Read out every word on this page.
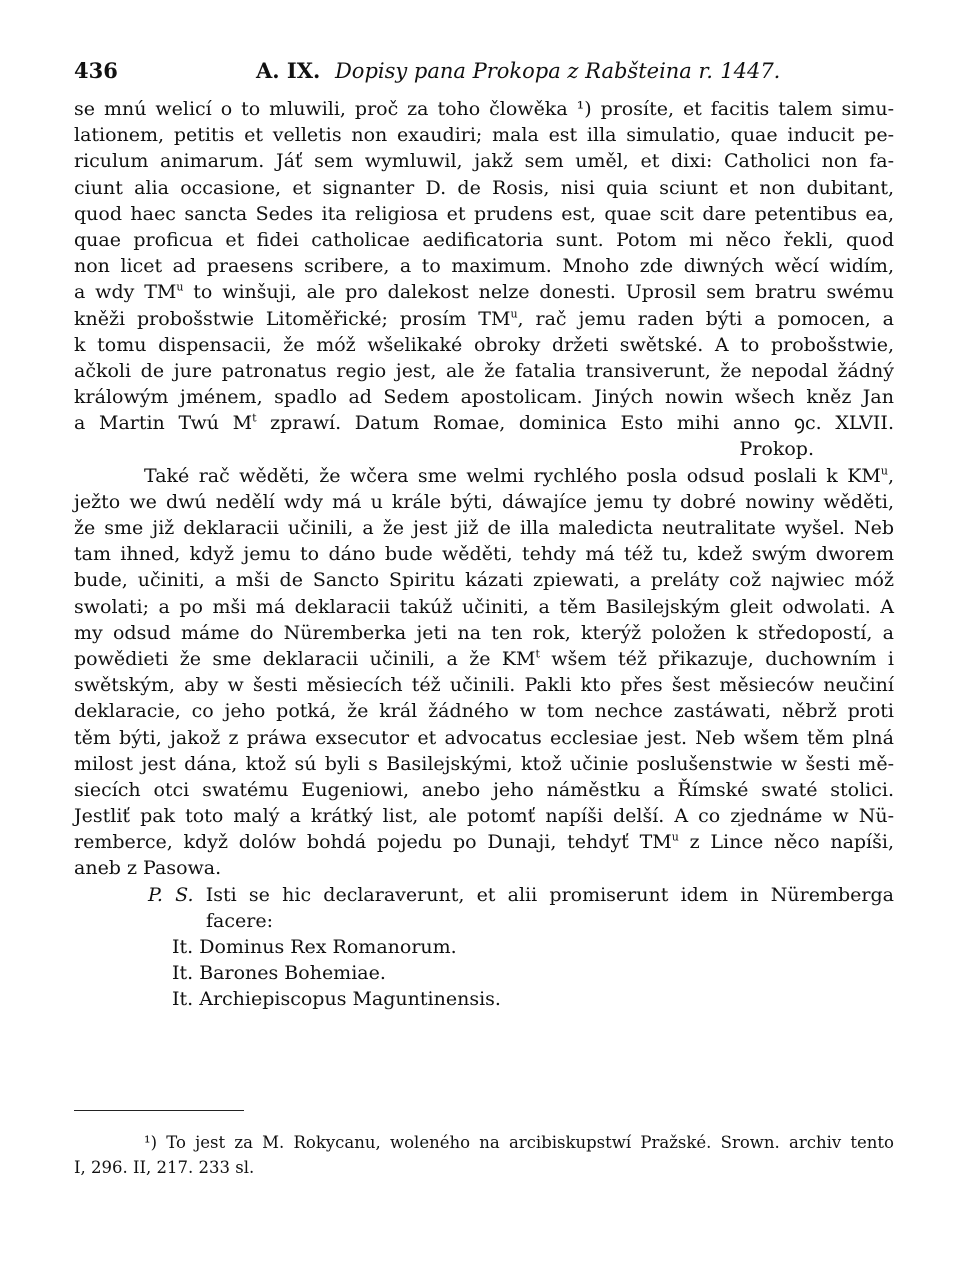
436	A. IX. Dopisy pana Prokopa z Rabšteina r. 1447.
se mnú welicí o to mluwili, proč za toho člowěka ¹) prosíte, et facitis talem simu-
lationem, petitis et velletis non exaudiri; mala est illa simulatio, quae inducit pe-
riculum animarum. Jáť sem wymluwil, jakž sem uměl, et dixi: Catholici non fa-
ciunt alia occasione, et signanter D. de Rosis, nisi quia sciunt et non dubitant,
quod haec sancta Sedes ita religiosa et prudens est, quae scit dare petentibus ea,
quae proficua et fidei catholicae aedificatoria sunt. Potom mi něco řekli, quod
non licet ad praesens scribere, a to maximum. Mnoho zde diwných wěcí widím,
a wdy $TM^u$ to winšuji, ale pro dalekost nelze donesti. Uprosil sem bratru swému
kněži probošstwie Litoměřické; prosím $TM^u$, rač jemu raden býti a pomocen, a
k tomu dispensacii, že móž wšelikaké obroky držeti swětské. A to probošstwie,
ačkoli de jure patronatus regio jest, ale že fatalia transiverunt, že nepodal žádný
králowým jménem, spadlo ad Sedem apostolicam. Jiných nowin wšech kněz Jan
a Martin Twú $M^t$ zprawí. Datum Romae, dominica Esto mihi anno ꝯc. XLVII.
Prokop.
Také rač wěděti, že wčera sme welmi rychlého posla odsud poslali k $KM^u$,
ježto we dwú nedělí wdy má u krále býti, dáwajíce jemu ty dobré nowiny wěděti,
že sme již deklaracii učinili, a že jest již de illa maledicta neutralitate wyšel. Neb
tam ihned, když jemu to dáno bude wěděti, tehdy má též tu, kdež swým dworem
bude, učiniti, a mši de Sancto Spiritu kázati zpiewati, a preláty což najwiec móž
swolati; a po mši má deklaracii takúž učiniti, a těm Basilejským gleit odwolati. A
my odsud máme do Nüremberka jeti na ten rok, kterýž položen k středopostí, a
powědieti že sme deklaracii učinili, a že $KM^t$ wšem též přikazuje, duchowním i
swětským, aby w šesti měsiecích též učinili. Pakli kto přes šest měsieców neučiní
deklaracie, co jeho potká, že král žádného w tom nechce zastáwati, něbrž proti
těm býti, jakož z práwa exsecutor et advocatus ecclesiae jest. Neb wšem těm plná
milost jest dána, ktož sú byli s Basilejskými, ktož učinie poslušenstwie w šesti mě-
siecích otci swatému Eugeniowi, anebo jeho náměstku a Římské swaté stolici.
Jestliť pak toto malý a krátký list, ale potomť napíši delší. A co zjednáme w Nü-
remberce, když dolów bohdá pojedu po Dunaji, tehdyť $TM^u$ z Lince něco napíši,
aneb z Pasowa.
P. S. Isti se hic declaraverunt, et alii promiserunt idem in Nüremberga
facere:
It. Dominus Rex Romanorum.
It. Barones Bohemiae.
It. Archiepiscopus Maguntinensis.
¹) To jest za M. Rokycanu, woleného na arcibiskupstwí Pražské. Srown. archiv tento
I, 296. II, 217. 233 sl.
